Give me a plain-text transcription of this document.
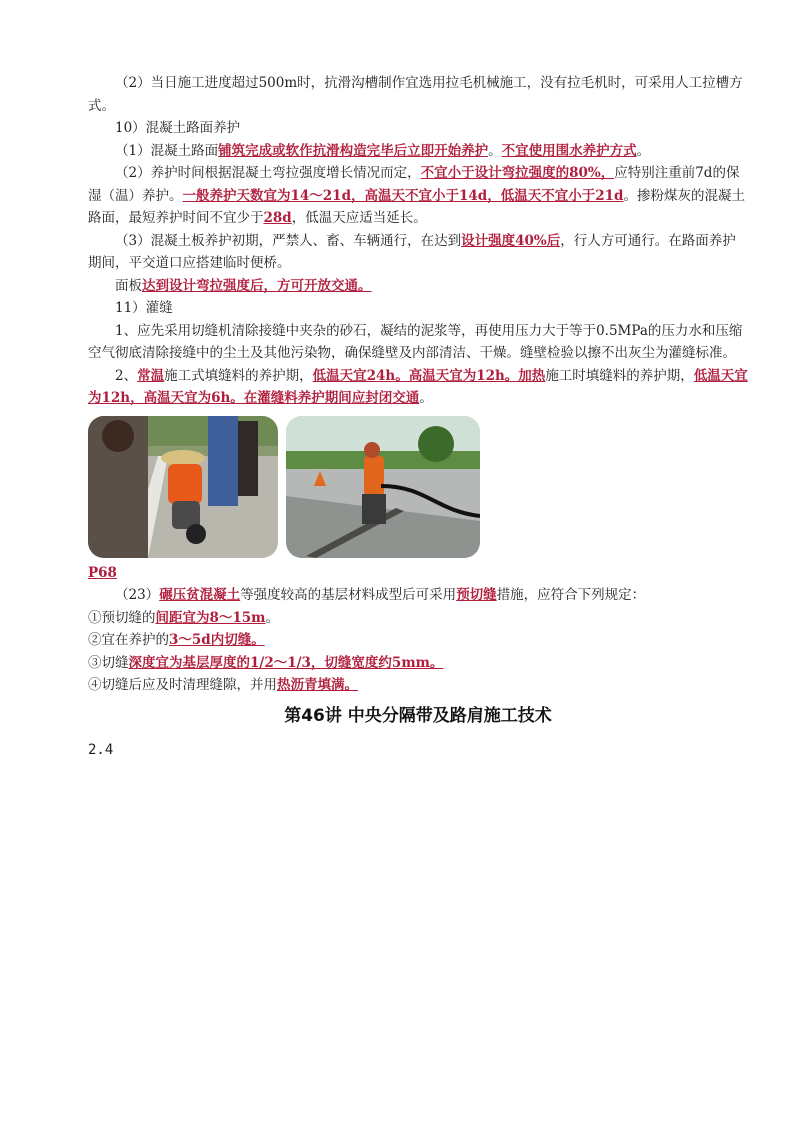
（2）当日施工进度超过500m时，抗滑沟槽制作宜选用拉毛机械施工，没有拉毛机时，可采用人工拉槽方式。

10）混凝土路面养护

（1）混凝土路面铺筑完成或软作抗滑构造完毕后立即开始养护。不宜使用围水养护方式。

（2）养护时间根据混凝土弯拉强度增长情况而定，不宜小于设计弯拉强度的80%，应特别注重前7d的保湿（温）养护。一般养护天数宜为14～21d，高温天不宜小于14d，低温天不宜小于21d。掺粉煤灰的混凝土路面，最短养护时间不宜少于28d，低温天应适当延长。

（3）混凝土板养护初期，严禁人、畜、车辆通行，在达到设计强度40%后，行人方可通行。在路面养护期间，平交道口应搭建临时便桥。

面板达到设计弯拉强度后，方可开放交通。

11）灌缝

1、应先采用切缝机清除接缝中夹杂的砂石，凝结的泥浆等，再使用压力大于等于0.5MPa的压力水和压缩空气彻底清除接缝中的尘土及其他污染物，确保缝壁及内部清洁、干燥。缝壁检验以擦不出灰尘为灌缝标准。

2、常温施工式填缝料的养护期，低温天宜24h。高温天宜为12h。加热施工时填缝料的养护期，低温天宜为12h，高温天宜为6h。在灌缝料养护期间应封闭交通。

P68

（23）碾压贫混凝土等强度较高的基层材料成型后可采用预切缝措施，应符合下列规定：

①预切缝的间距宜为8～15m。

②宜在养护的3～5d内切缝。

③切缝深度宜为基层厚度的1/2～1/3，切缝宽度约5mm。

④切缝后应及时清理缝隙，并用热沥青填满。

第46讲 中央分隔带及路肩施工技术

2.4
